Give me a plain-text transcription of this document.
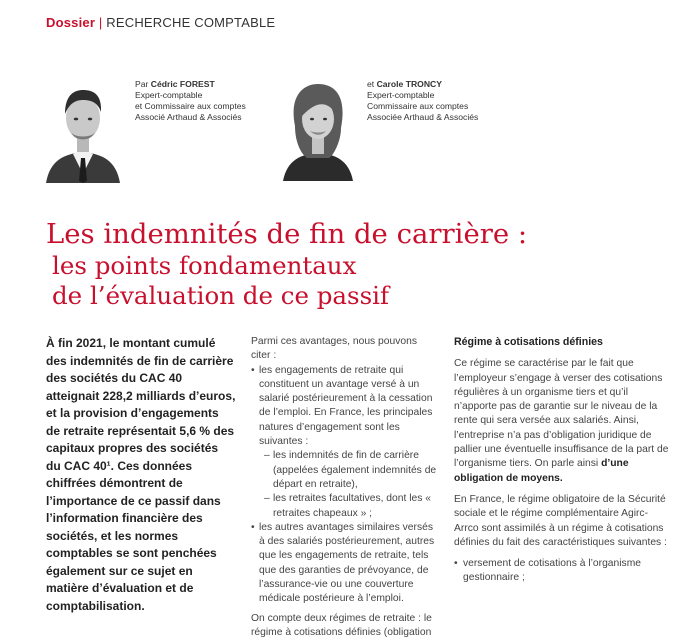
Dossier | RECHERCHE COMPTABLE
Par Cédric FOREST
Expert-comptable
et Commissaire aux comptes
Associé Arthaud & Associés
et Carole TRONCY
Expert-comptable
Commissaire aux comptes
Associée Arthaud & Associés
Les indemnités de fin de carrière :
les points fondamentaux
de l’évaluation de ce passif

À fin 2021, le montant cumulé des indemnités de fin de carrière des sociétés du CAC 40 atteignait 228,2 milliards d’euros, et la provision d’engagements de retraite représentait 5,6 % des capitaux propres des sociétés du CAC 40¹. Ces données chiffrées démontrent de l’importance de ce passif dans l’information financière des sociétés, et les normes comptables se sont penchées également sur ce sujet en matière d’évaluation et de comptabilisation.

Parmi ces avantages, nous pouvons citer :

• les engagements de retraite qui constituent un avantage versé à un salarié postérieurement à la cessation de l’emploi. En France, les principales natures d’engagement sont les suivantes :
– les indemnités de fin de carrière (appelées également indemnités de départ en retraite),
– les retraites facultatives, dont les « retraites chapeaux » ;
• les autres avantages similaires versés à des salariés postérieurement, autres que les engagements de retraite, tels que des garanties de prévoyance, de l’assurance-vie ou une couverture médicale postérieure à l’emploi.

On compte deux régimes de retraite : le régime à cotisations définies (obligation

Régime à cotisations définies

Ce régime se caractérise par le fait que l’employeur s’engage à verser des cotisations régulières à un organisme tiers et qu’il n’apporte pas de garantie sur le niveau de la rente qui sera versée aux salariés. Ainsi, l’entreprise n’a pas d’obligation juridique de pallier une éventuelle insuffisance de la part de l’organisme tiers. On parle ainsi d’une obligation de moyens.

En France, le régime obligatoire de la Sécurité sociale et le régime complémentaire Agirc-Arrco sont assimilés à un régime à cotisations définies du fait des caractéristiques suivantes :

• versement de cotisations à l’organisme gestionnaire ;
